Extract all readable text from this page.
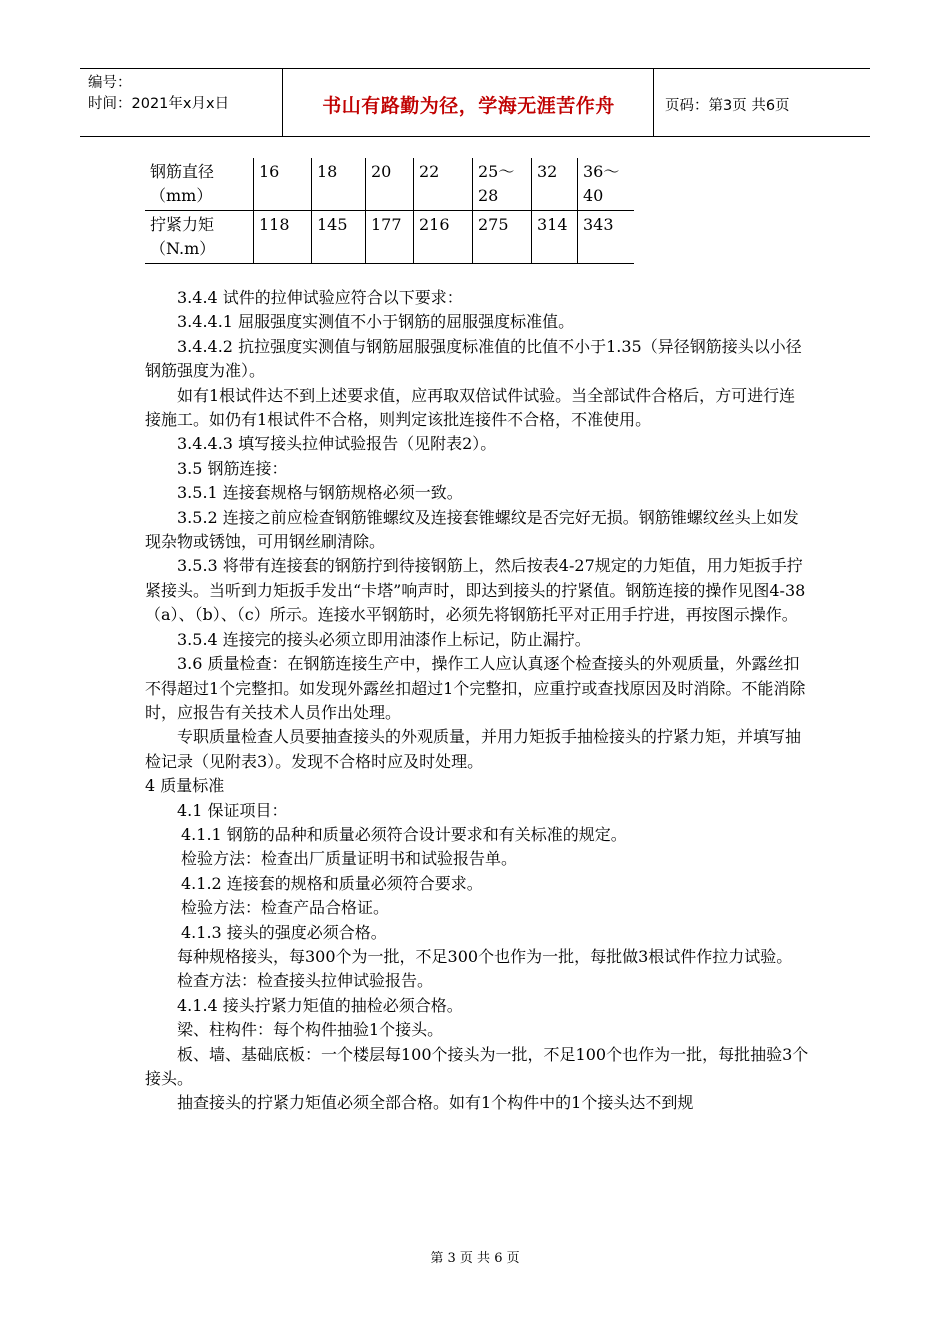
编号：
时间：2021年x月x日	书山有路勤为径，学海无涯苦作舟	页码：第3页 共6页
钢筋直径（mm）	16	18	20	22	25～28	32	36～40
拧紧力矩（N.m）	118	145	177	216	275	314	343

3.4.4 试件的拉伸试验应符合以下要求：

3.4.4.1 屈服强度实测值不小于钢筋的屈服强度标准值。

3.4.4.2 抗拉强度实测值与钢筋屈服强度标准值的比值不小于1.35（异径钢筋接头以小径钢筋强度为准）。

如有1根试件达不到上述要求值，应再取双倍试件试验。当全部试件合格后，方可进行连接施工。如仍有1根试件不合格，则判定该批连接件不合格，不准使用。

3.4.4.3 填写接头拉伸试验报告（见附表2）。

3.5 钢筋连接：

3.5.1 连接套规格与钢筋规格必须一致。

3.5.2 连接之前应检查钢筋锥螺纹及连接套锥螺纹是否完好无损。钢筋锥螺纹丝头上如发现杂物或锈蚀，可用钢丝刷清除。

3.5.3 将带有连接套的钢筋拧到待接钢筋上，然后按表4-27规定的力矩值，用力矩扳手拧紧接头。当听到力矩扳手发出“卡塔”响声时，即达到接头的拧紧值。钢筋连接的操作见图4-38（a）、（b）、（c）所示。连接水平钢筋时，必须先将钢筋托平对正用手拧进，再按图示操作。

3.5.4 连接完的接头必须立即用油漆作上标记，防止漏拧。

3.6 质量检查：在钢筋连接生产中，操作工人应认真逐个检查接头的外观质量，外露丝扣不得超过1个完整扣。如发现外露丝扣超过1个完整扣，应重拧或查找原因及时消除。不能消除时，应报告有关技术人员作出处理。

专职质量检查人员要抽查接头的外观质量，并用力矩扳手抽检接头的拧紧力矩，并填写抽检记录（见附表3）。发现不合格时应及时处理。

4 质量标准

4.1 保证项目：

4.1.1 钢筋的品种和质量必须符合设计要求和有关标准的规定。

检验方法：检查出厂质量证明书和试验报告单。

4.1.2 连接套的规格和质量必须符合要求。

检验方法：检查产品合格证。

4.1.3 接头的强度必须合格。

每种规格接头，每300个为一批，不足300个也作为一批，每批做3根试件作拉力试验。

检查方法：检查接头拉伸试验报告。

4.1.4 接头拧紧力矩值的抽检必须合格。

梁、柱构件：每个构件抽验1个接头。

板、墙、基础底板：一个楼层每100个接头为一批，不足100个也作为一批，每批抽验3个接头。

抽查接头的拧紧力矩值必须全部合格。如有1个构件中的1个接头达不到规

第 3 页 共 6 页
